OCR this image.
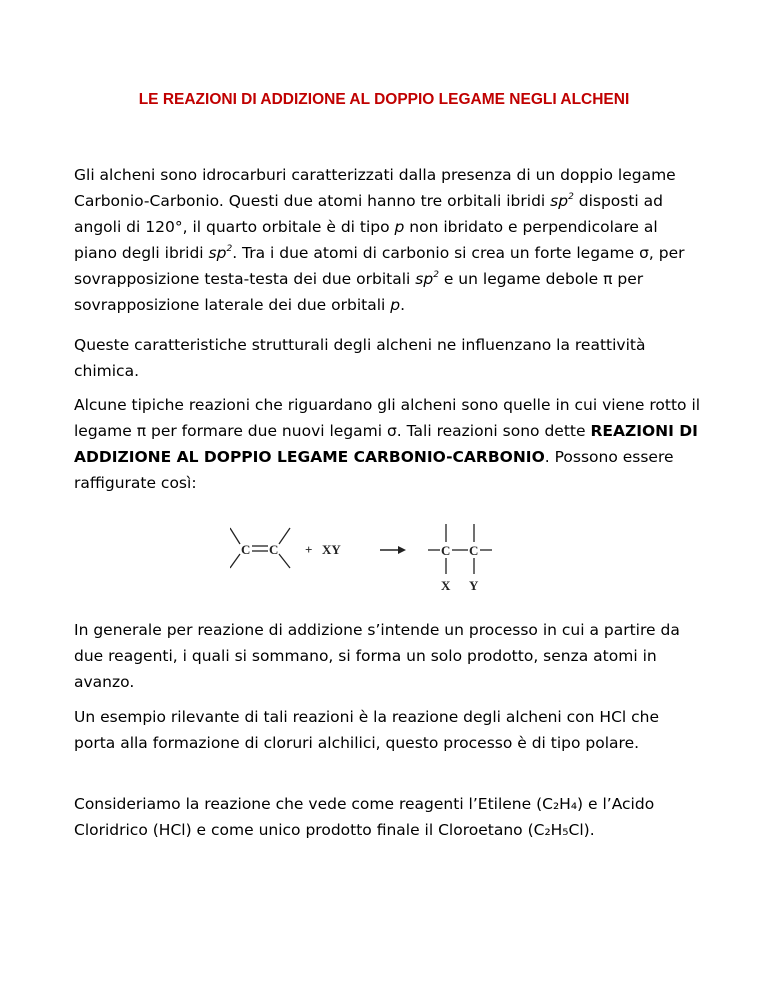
LE REAZIONI DI ADDIZIONE AL DOPPIO LEGAME NEGLI ALCHENI

Gli alcheni sono idrocarburi caratterizzati dalla presenza di un doppio legame Carbonio-Carbonio. Questi due atomi hanno tre orbitali ibridi $sp^2$ disposti ad angoli di 120°, il quarto orbitale è di tipo p non ibridato e perpendicolare al piano degli ibridi $sp^2$. Tra i due atomi di carbonio si crea un forte legame σ, per sovrapposizione testa-testa dei due orbitali $sp^2$ e un legame debole π per sovrapposizione laterale dei due orbitali p.

Queste caratteristiche strutturali degli alcheni ne influenzano la reattività chimica.

Alcune tipiche reazioni che riguardano gli alcheni sono quelle in cui viene rotto il legame π per formare due nuovi legami σ. Tali reazioni sono dette REAZIONI DI ADDIZIONE AL DOPPIO LEGAME CARBONIO-CARBONIO. Possono essere raffigurate così:

C C + XY	C C
X Y

In generale per reazione di addizione s’intende un processo in cui a partire da due reagenti, i quali si sommano, si forma un solo prodotto, senza atomi in avanzo.

Un esempio rilevante di tali reazioni è la reazione degli alcheni con HCl che porta alla formazione di cloruri alchilici, questo processo è di tipo polare.

Consideriamo la reazione che vede come reagenti l’Etilene (C₂H₄) e l’Acido Cloridrico (HCl) e come unico prodotto finale il Cloroetano (C₂H₅Cl).
